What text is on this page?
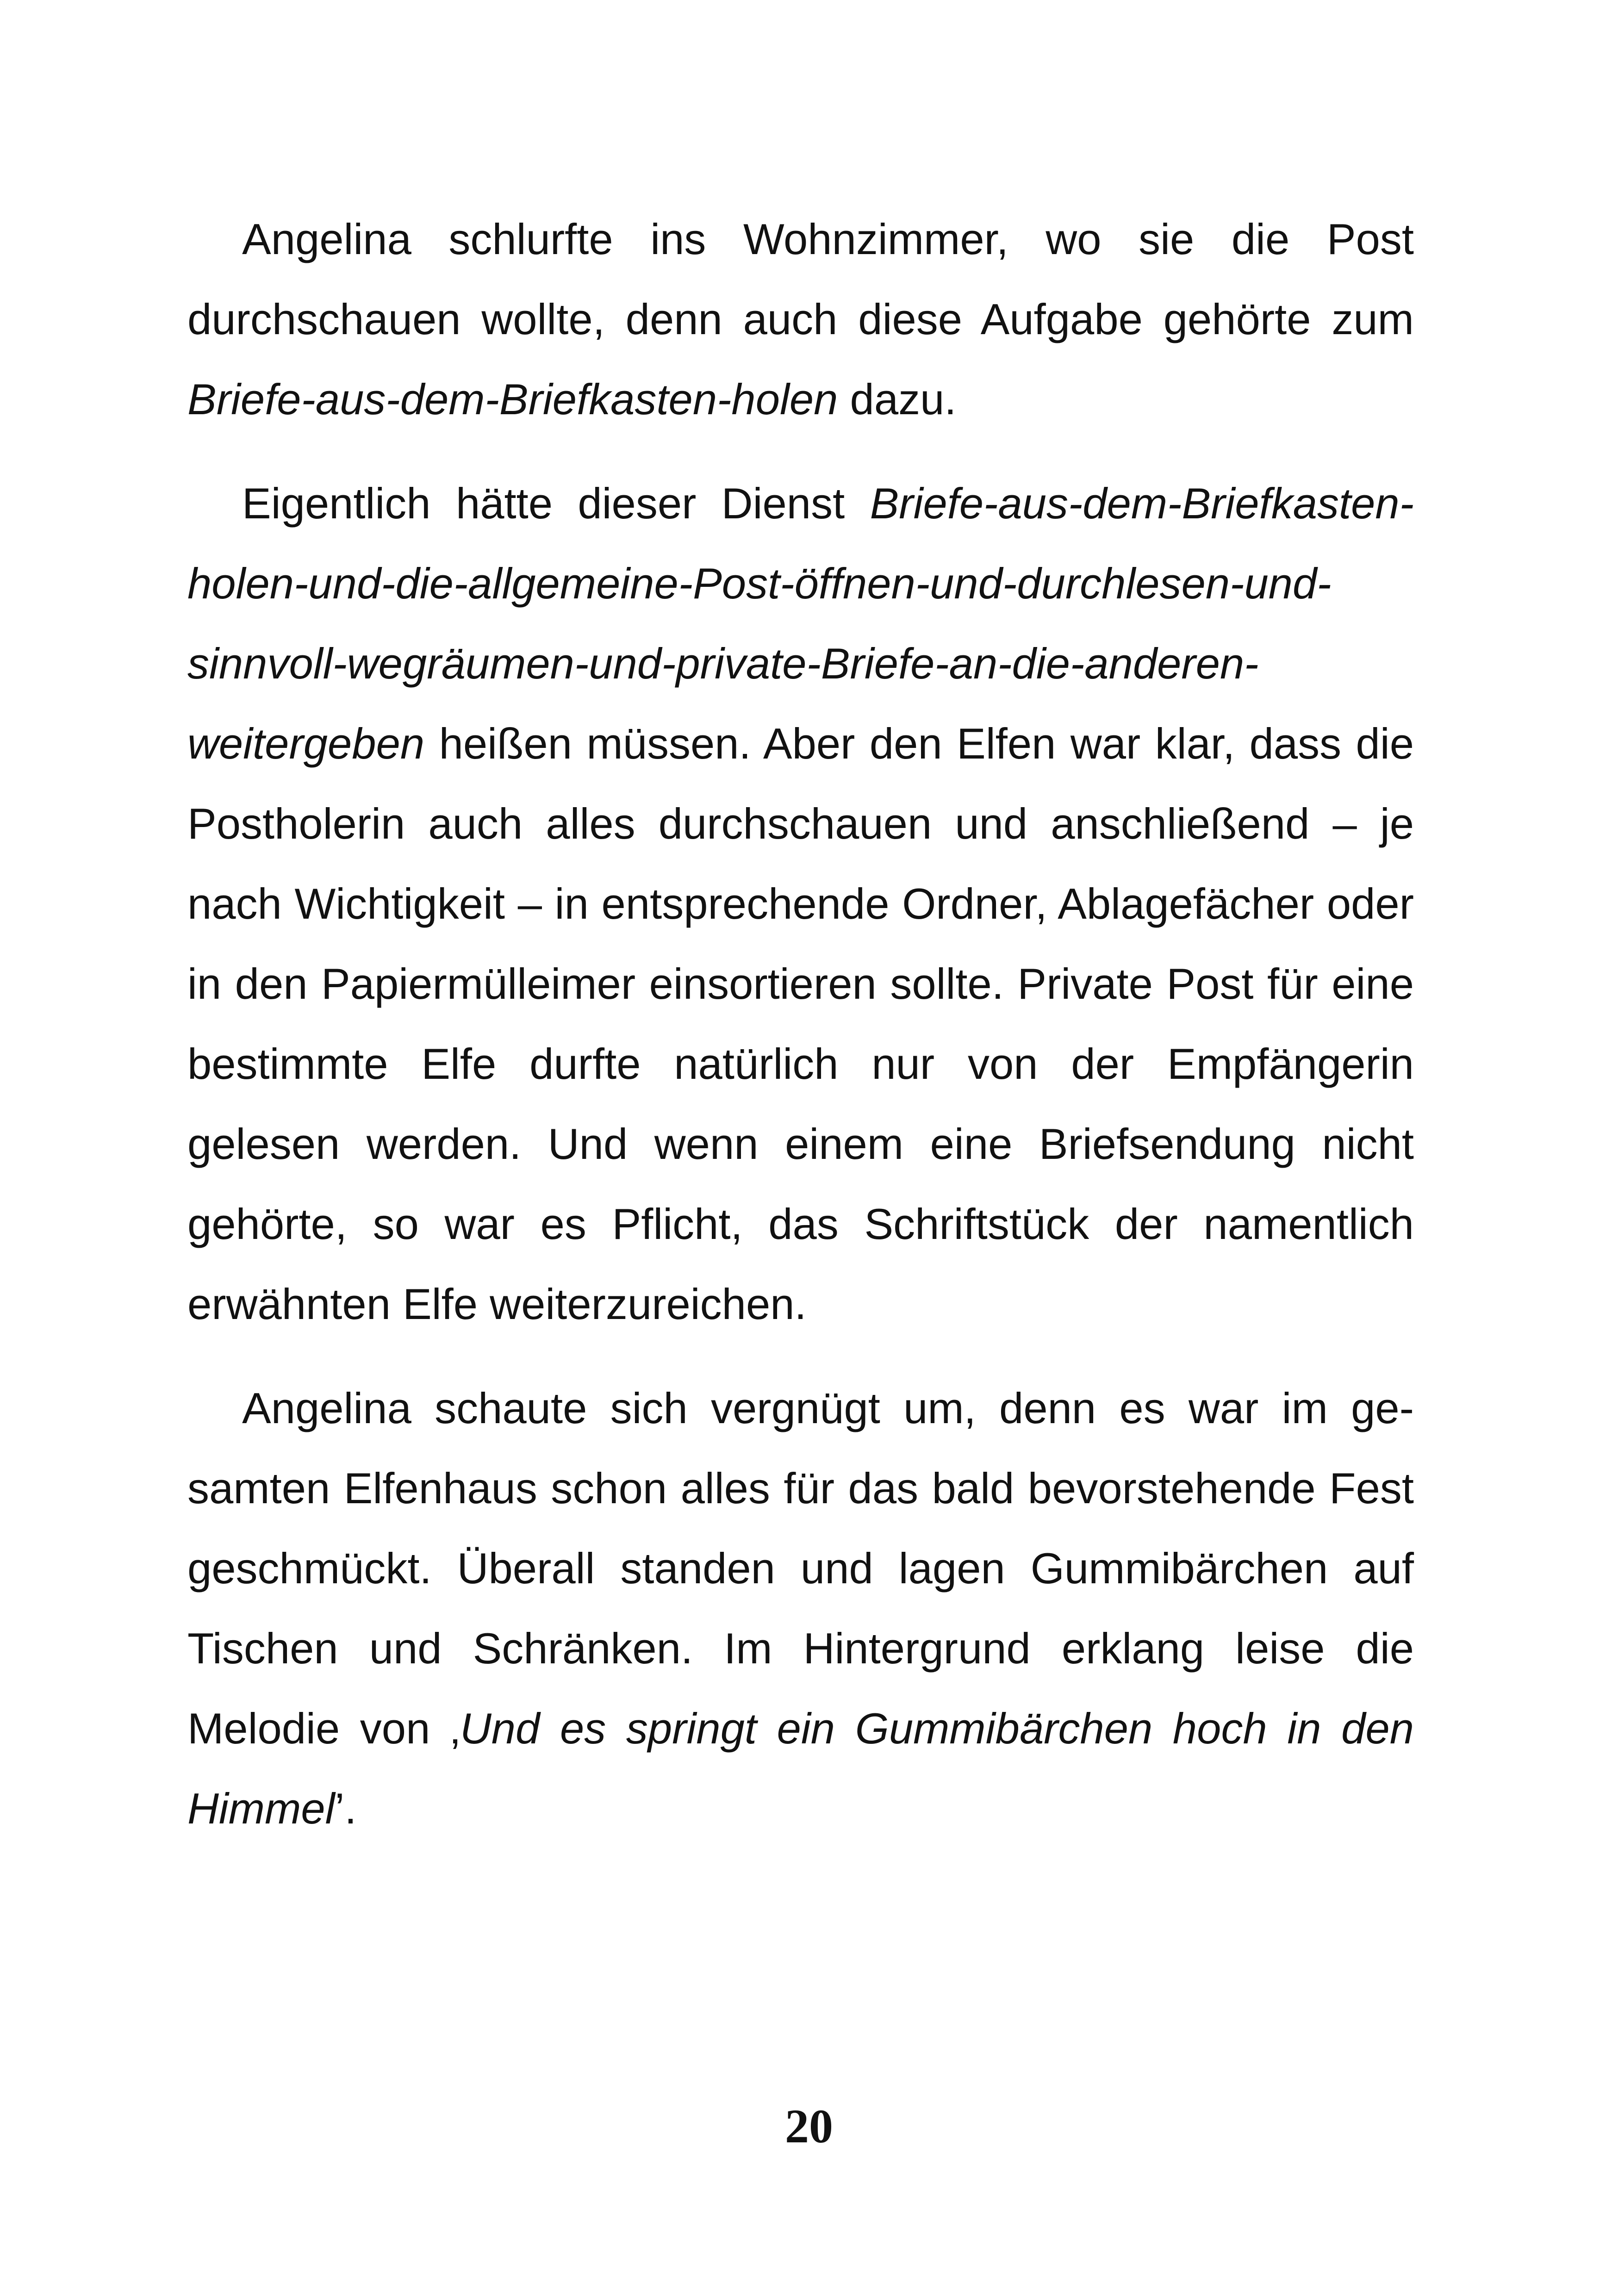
Angelina schlurfte ins Wohnzimmer, wo sie die Post durchschauen wollte, denn auch diese Aufgabe gehörte zum Briefe-aus-dem-Briefkasten-holen dazu.

Eigentlich hätte dieser Dienst Briefe-aus-dem-Briefkasten-holen-und-die-allgemeine-Post-öffnen-und-durchlesen-​und-sinnvoll-wegräumen-und-private-Briefe-an-die-anderen-weitergeben heißen müssen. Aber den Elfen war klar, dass die Postholerin auch alles durchschauen und anschließend – je nach Wichtigkeit – in entsprechende Ordner, Ablagefächer oder in den Papiermülleimer einsortieren sollte. Private Post für eine bestimmte Elfe durfte natürlich nur von der Empfängerin gelesen werden. Und wenn einem eine Briefsendung nicht gehörte, so war es Pflicht, das Schriftstück der namentlich erwähnten Elfe weiterzureichen.

Angelina schaute sich vergnügt um, denn es war im gesamten Elfenhaus schon alles für das bald bevorstehende Fest geschmückt. Überall standen und lagen Gummibärchen auf Tischen und Schränken. Im Hintergrund erklang leise die Melodie von ‚Und es springt ein Gummibärchen hoch in den Himmel’.

20
